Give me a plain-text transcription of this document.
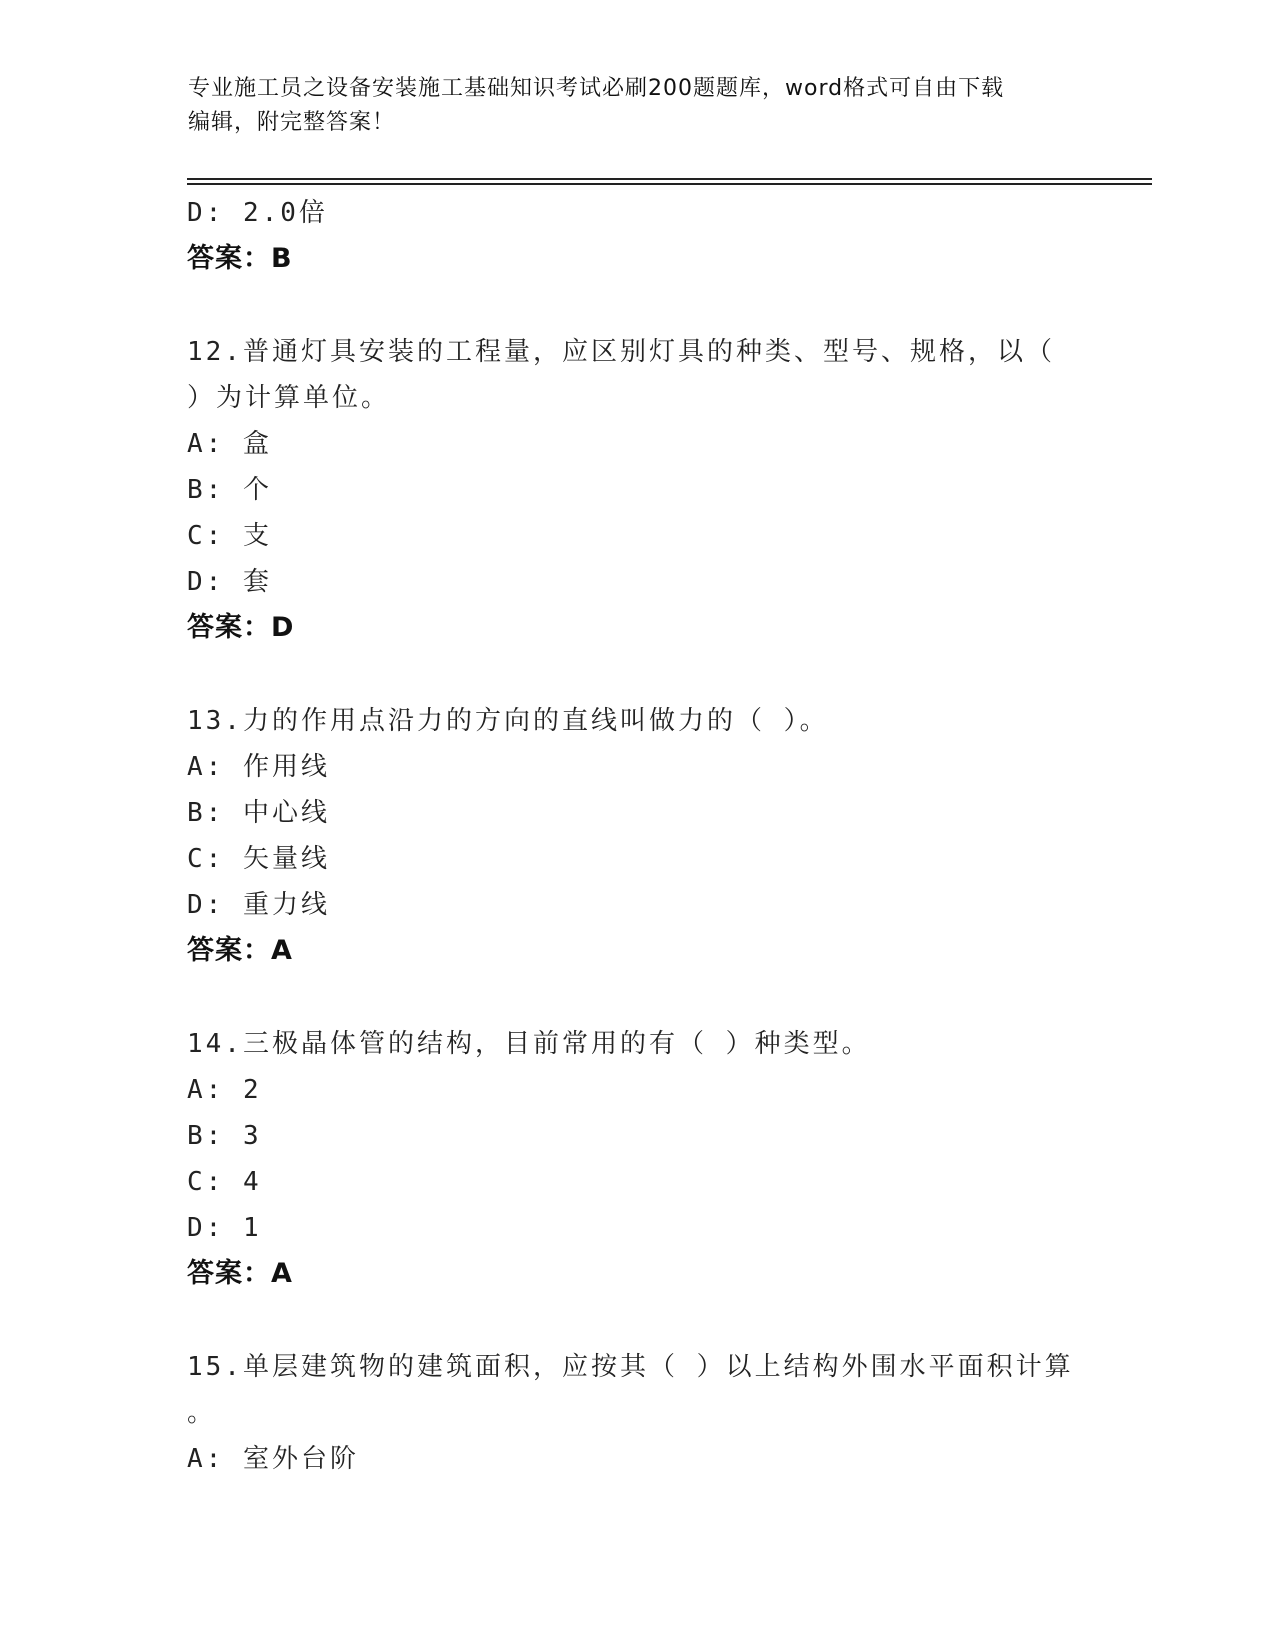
专业施工员之设备安装施工基础知识考试必刷200题题库，word格式可自由下载
编辑，附完整答案！
D: 2.0倍
答案：B
12.普通灯具安装的工程量，应区别灯具的种类、型号、规格，以（
）为计算单位。
A: 盒
B: 个
C: 支
D: 套
答案：D
13.力的作用点沿力的方向的直线叫做力的（ ）。
A: 作用线
B: 中心线
C: 矢量线
D: 重力线
答案：A
14.三极晶体管的结构，目前常用的有（ ）种类型。
A: 2
B: 3
C: 4
D: 1
答案：A
15.单层建筑物的建筑面积，应按其（ ）以上结构外围水平面积计算
。
A: 室外台阶
